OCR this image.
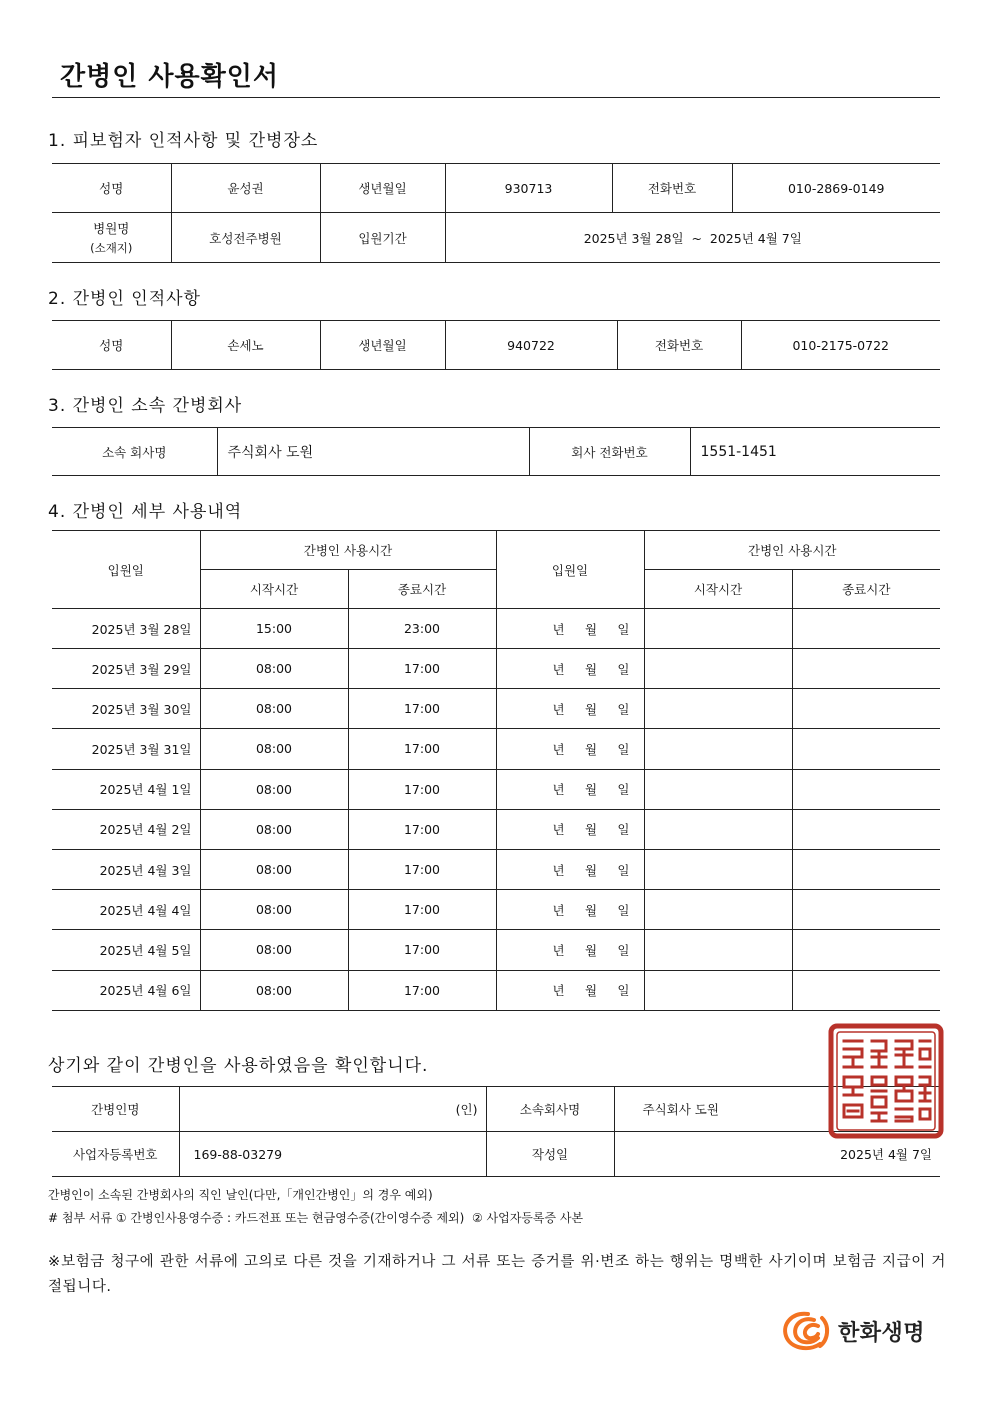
간병인 사용확인서
1. 피보험자 인적사항 및 간병장소
성명	윤성권	생년월일	930713	전화번호	010-2869-0149

병원명
(소재지)	호성전주병원	입원기간	2025년 3월 28일  ~  2025년 4월 7일		
2. 간병인 인적사항
성명	손세노	생년월일	940722	전화번호	010-2175-0722
3. 간병인 소속 간병회사
소속 회사명	주식회사 도원	회사 전화번호	1551-1451
4. 간병인 세부 사용내역
입원일	간병인 사용시간		입원일	간병인 사용시간	
	시작시간	종료시간		시작시간	종료시간
2025년 3월 28일	15:00	23:00	년 월 일		

2025년 3월 29일	08:00	17:00	년 월 일		

2025년 3월 30일	08:00	17:00	년 월 일		

2025년 3월 31일	08:00	17:00	년 월 일		

2025년 4월 1일	08:00	17:00	년 월 일		

2025년 4월 2일	08:00	17:00	년 월 일		

2025년 4월 3일	08:00	17:00	년 월 일		

2025년 4월 4일	08:00	17:00	년 월 일		

2025년 4월 5일	08:00	17:00	년 월 일		

2025년 4월 6일	08:00	17:00	년 월 일		

상기와 같이 간병인을 사용하였음을 확인합니다.
간병인명	(인)	소속회사명	주식회사 도원
사업자등록번호	169-88-03279	작성일	2025년 4월 7일
간병인이 소속된 간병회사의 직인 날인(다만,「개인간병인」의 경우 예외)
# 첨부 서류 ① 간병인사용영수증 : 카드전표 또는 현금영수증(간이영수증 제외)  ② 사업자등록증 사본
※보험금 청구에 관한 서류에 고의로 다른 것을 기재하거나 그 서류 또는 증거를 위·변조 하는 행위는 명백한 사기이며 보험금 지급이 거절됩니다.
한화생명
